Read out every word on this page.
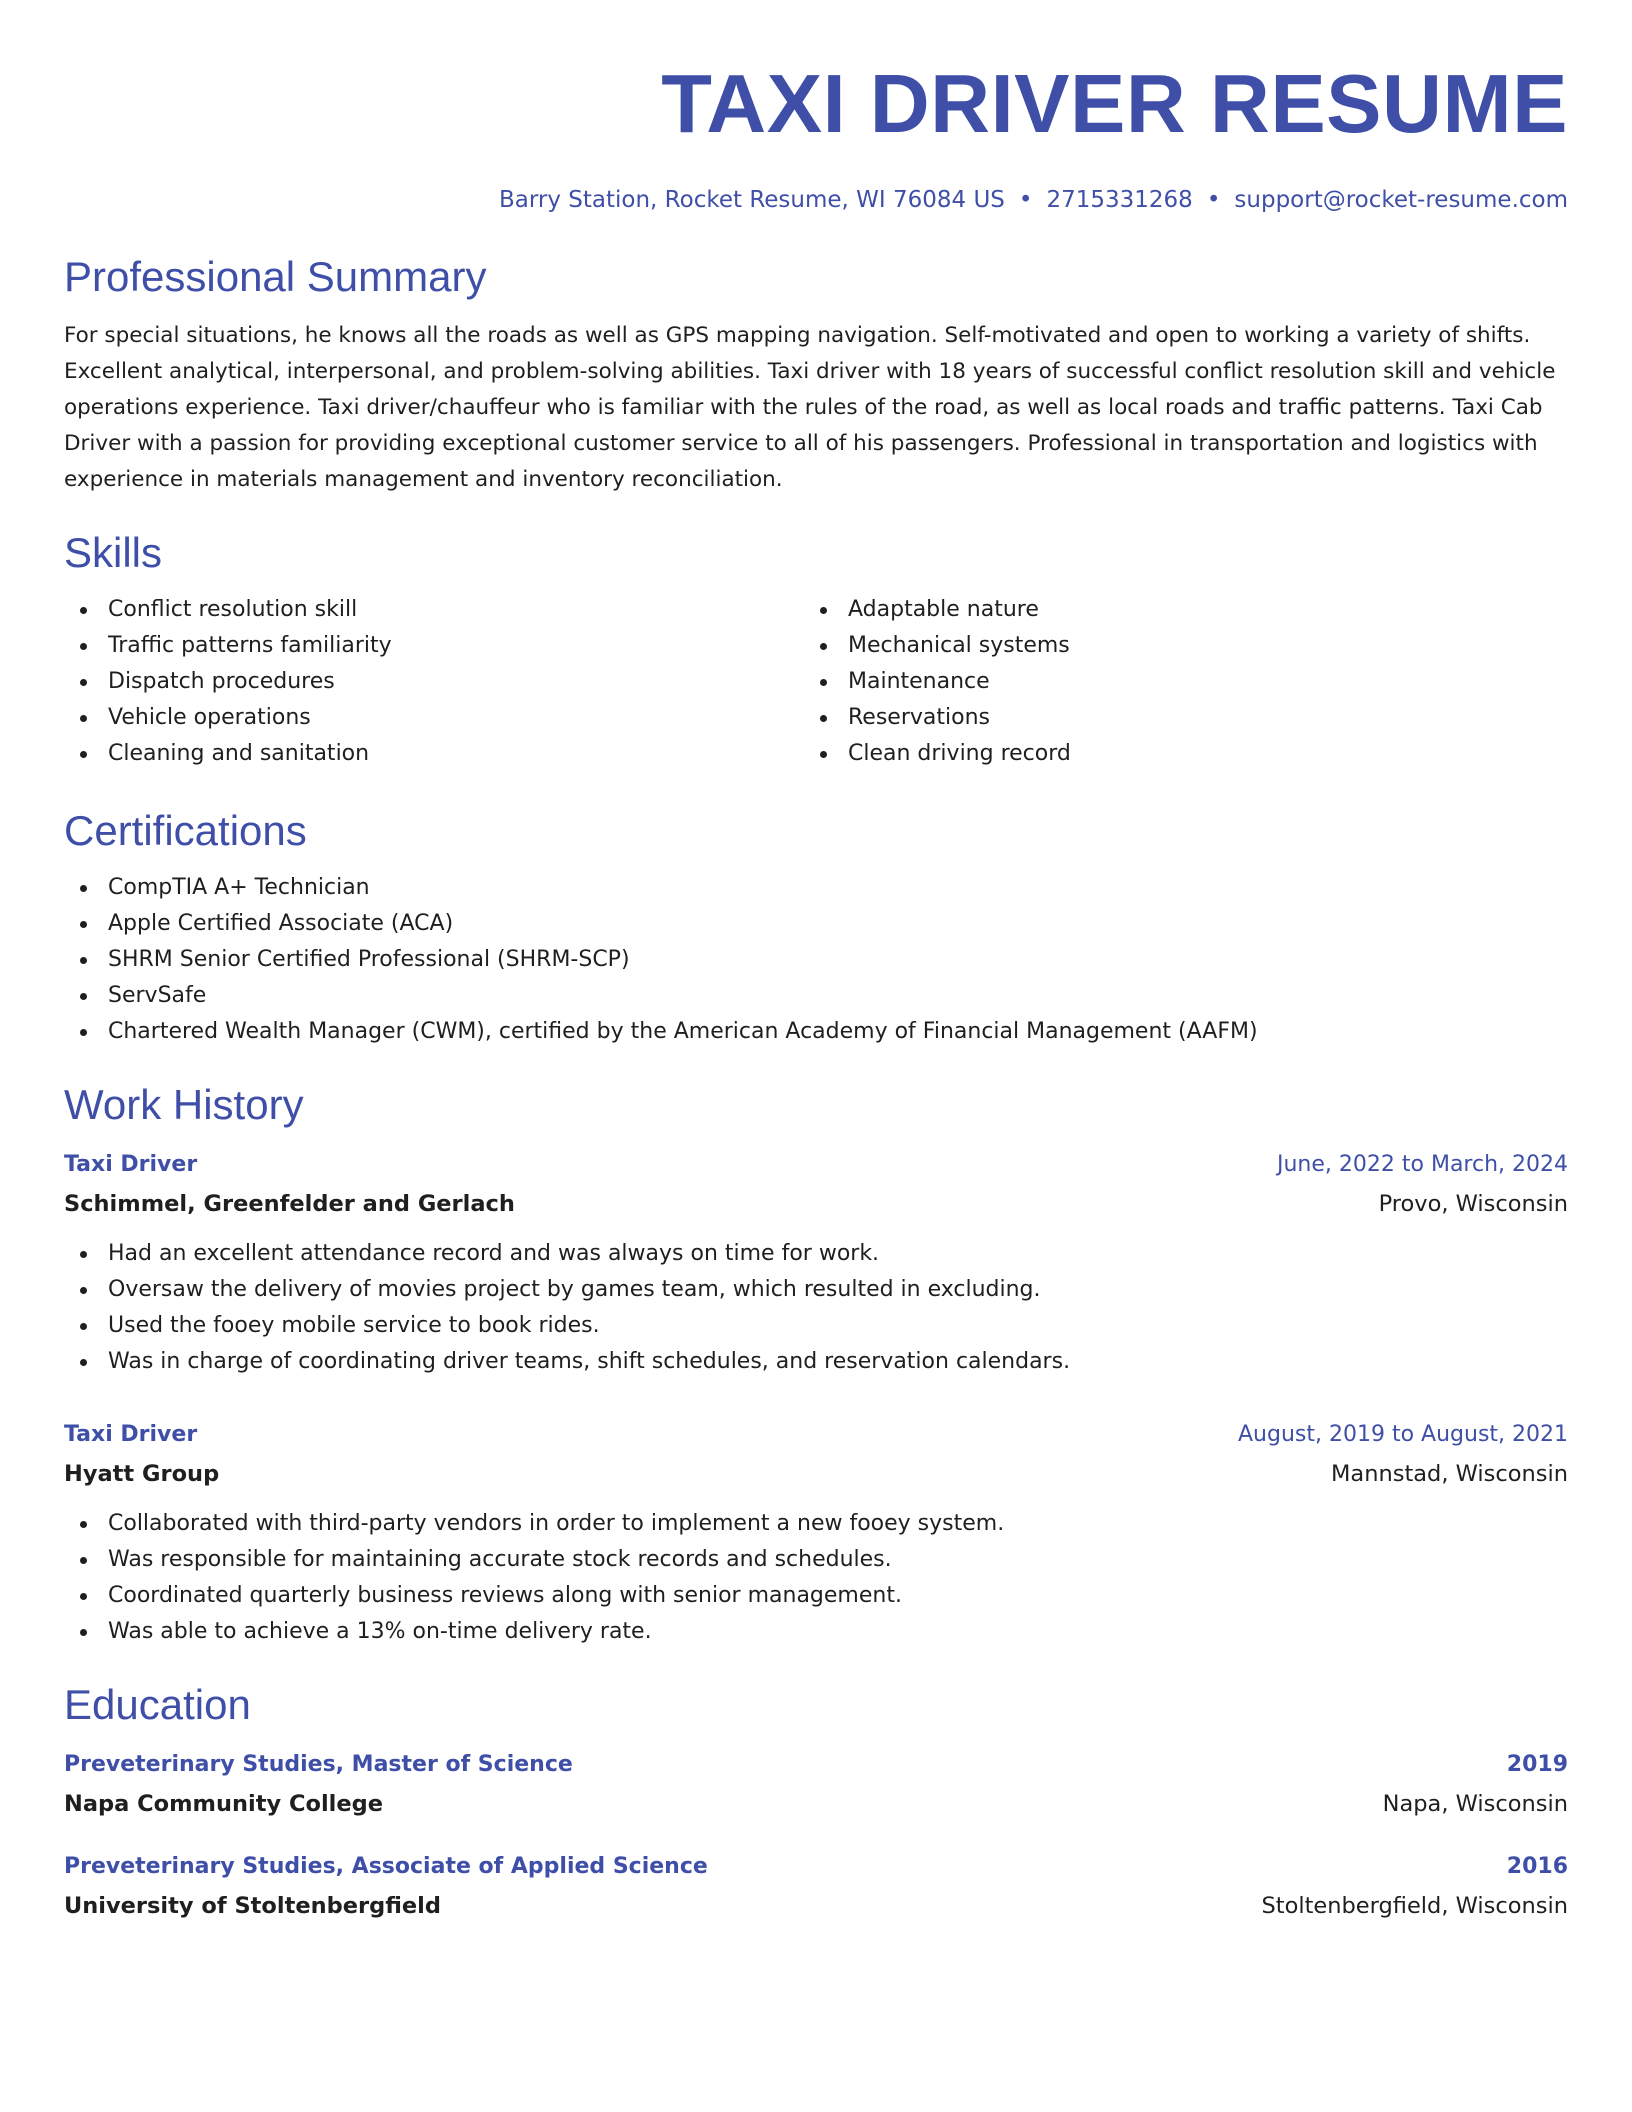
TAXI DRIVER RESUME
Barry Station, Rocket Resume, WI 76084 US • 2715331268 • support@rocket-resume.com
Professional Summary

For special situations, he knows all the roads as well as GPS mapping navigation. Self-motivated and open to working a variety of shifts. Excellent analytical, interpersonal, and problem-solving abilities. Taxi driver with 18 years of successful conflict resolution skill and vehicle operations experience. Taxi driver/chauffeur who is familiar with the rules of the road, as well as local roads and traffic patterns. Taxi Cab Driver with a passion for providing exceptional customer service to all of his passengers. Professional in transportation and logistics with experience in materials management and inventory reconciliation.

Skills
Conflict resolution skill
Traffic patterns familiarity
Dispatch procedures
Vehicle operations
Cleaning and sanitation
Adaptable nature
Mechanical systems
Maintenance
Reservations
Clean driving record
Certifications
CompTIA A+ Technician
Apple Certified Associate (ACA)
SHRM Senior Certified Professional (SHRM-SCP)
ServSafe
Chartered Wealth Manager (CWM), certified by the American Academy of Financial Management (AAFM)
Work History
Taxi Driver	June, 2022 to March, 2024
Schimmel, Greenfelder and Gerlach	Provo, Wisconsin
Had an excellent attendance record and was always on time for work.
Oversaw the delivery of movies project by games team, which resulted in excluding.
Used the fooey mobile service to book rides.
Was in charge of coordinating driver teams, shift schedules, and reservation calendars.
Taxi Driver	August, 2019 to August, 2021
Hyatt Group	Mannstad, Wisconsin
Collaborated with third-party vendors in order to implement a new fooey system.
Was responsible for maintaining accurate stock records and schedules.
Coordinated quarterly business reviews along with senior management.
Was able to achieve a 13% on-time delivery rate.
Education
Preveterinary Studies, Master of Science	2019
Napa Community College	Napa, Wisconsin
Preveterinary Studies, Associate of Applied Science	2016
University of Stoltenbergfield	Stoltenbergfield, Wisconsin
